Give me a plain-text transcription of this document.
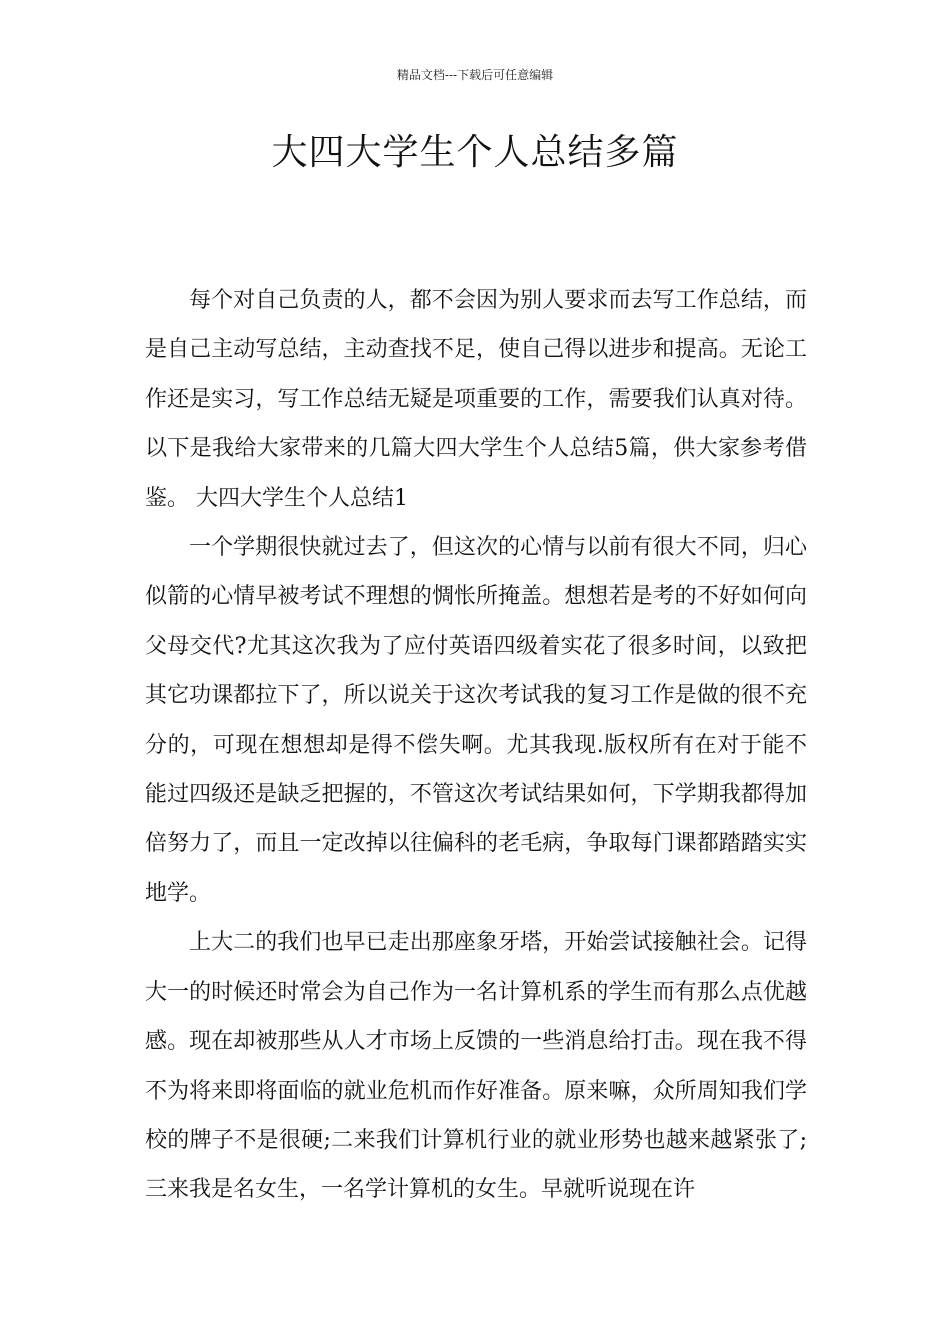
精品文档---下载后可任意编辑
大四大学生个人总结多篇

每个对自己负责的人，都不会因为别人要求而去写工作总结，而是自己主动写总结，主动查找不足，使自己得以进步和提高。无论工作还是实习，写工作总结无疑是项重要的工作，需要我们认真对待。以下是我给大家带来的几篇大四大学生个人总结5篇，供大家参考借鉴。 大四大学生个人总结1

一个学期很快就过去了，但这次的心情与以前有很大不同，归心似箭的心情早被考试不理想的惆怅所掩盖。想想若是考的不好如何向父母交代?尤其这次我为了应付英语四级着实花了很多时间，以致把其它功课都拉下了，所以说关于这次考试我的复习工作是做的很不充分的，可现在想想却是得不偿失啊。尤其我现.版权所有在对于能不能过四级还是缺乏把握的，不管这次考试结果如何，下学期我都得加倍努力了，而且一定改掉以往偏科的老毛病，争取每门课都踏踏实实地学。

上大二的我们也早已走出那座象牙塔，开始尝试接触社会。记得大一的时候还时常会为自己作为一名计算机系的学生而有那么点优越感。现在却被那些从人才市场上反馈的一些消息给打击。现在我不得不为将来即将面临的就业危机而作好准备。原来嘛，众所周知我们学校的牌子不是很硬;二来我们计算机行业的就业形势也越来越紧张了;三来我是名女生，一名学计算机的女生。早就听说现在许
